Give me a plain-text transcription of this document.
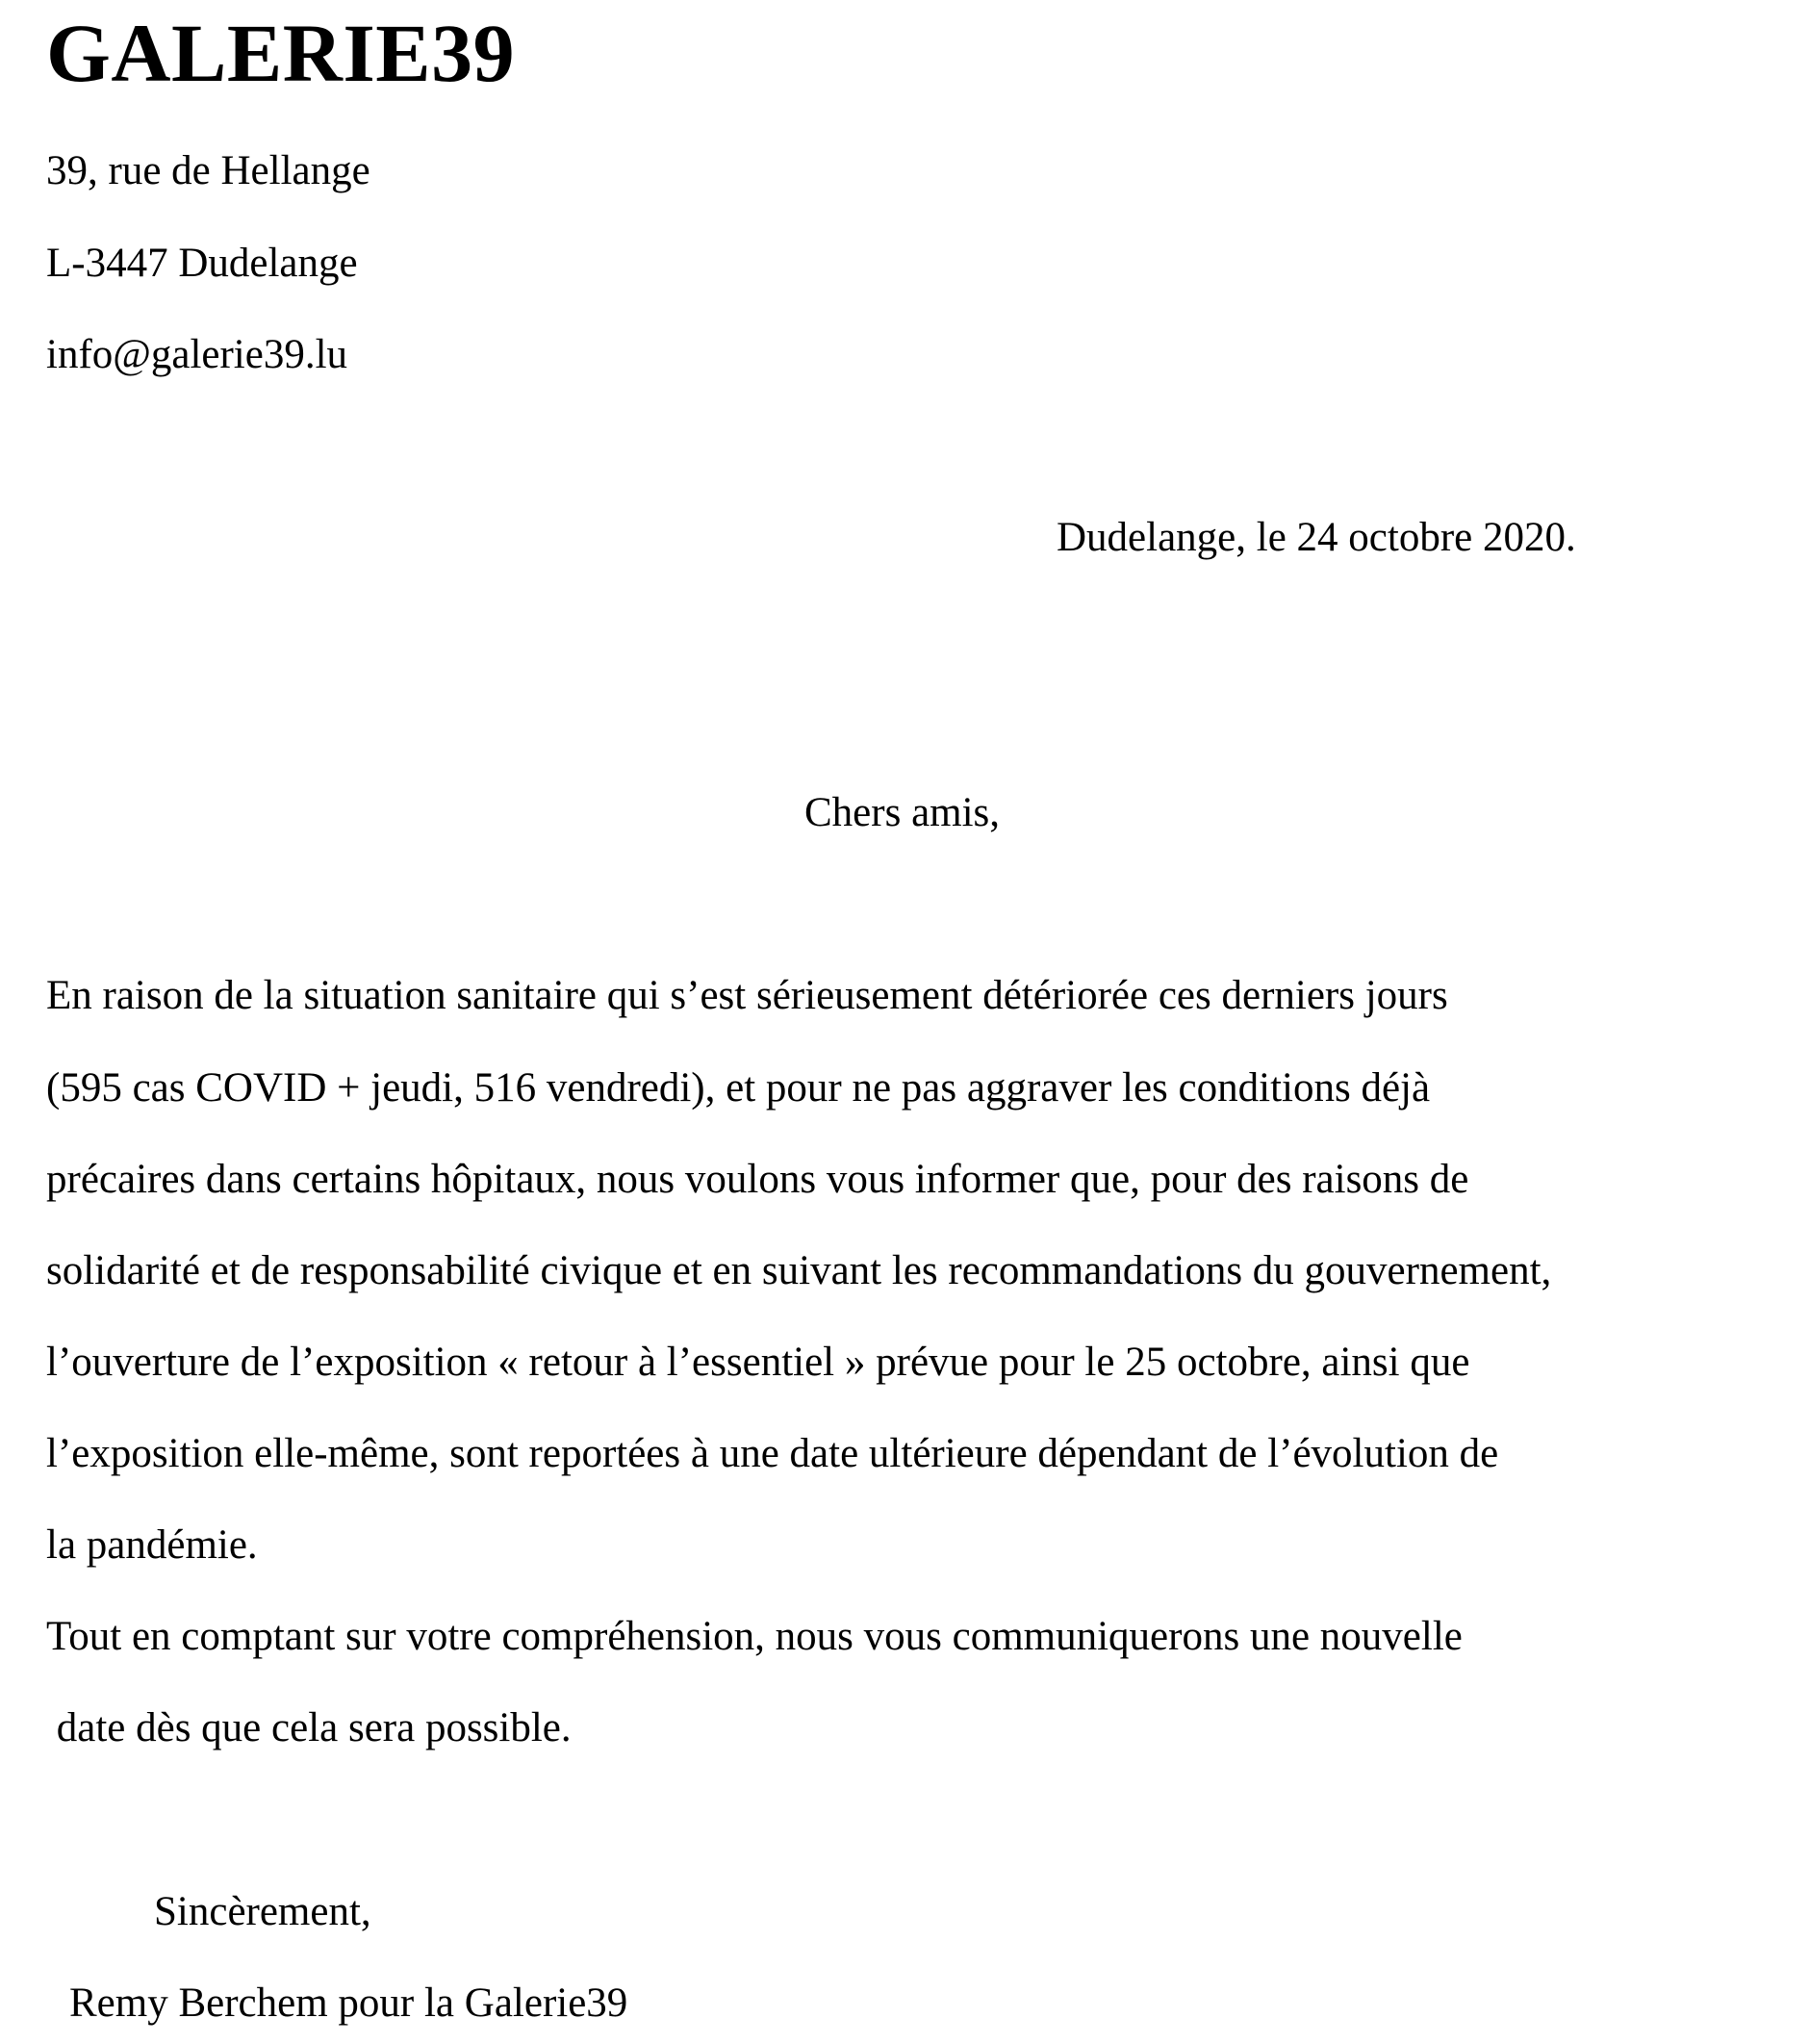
GALERIE39

39, rue de Hellange

L-3447 Dudelange

info@galerie39.lu

Dudelange, le 24 octobre 2020.

Chers amis,

En raison de la situation sanitaire qui s’est sérieusement détériorée ces derniers jours

(595 cas COVID + jeudi, 516 vendredi), et pour ne pas aggraver les conditions déjà

précaires dans certains hôpitaux, nous voulons vous informer que, pour des raisons de

solidarité et de responsabilité civique et en suivant les recommandations du gouvernement,

l’ouverture de l’exposition « retour à l’essentiel » prévue pour le 25 octobre, ainsi que

l’exposition elle-même, sont reportées à une date ultérieure dépendant de l’évolution de

la pandémie.

Tout en comptant sur votre compréhension, nous vous communiquerons une nouvelle

date dès que cela sera possible.

Sincèrement,

Remy Berchem pour la Galerie39
